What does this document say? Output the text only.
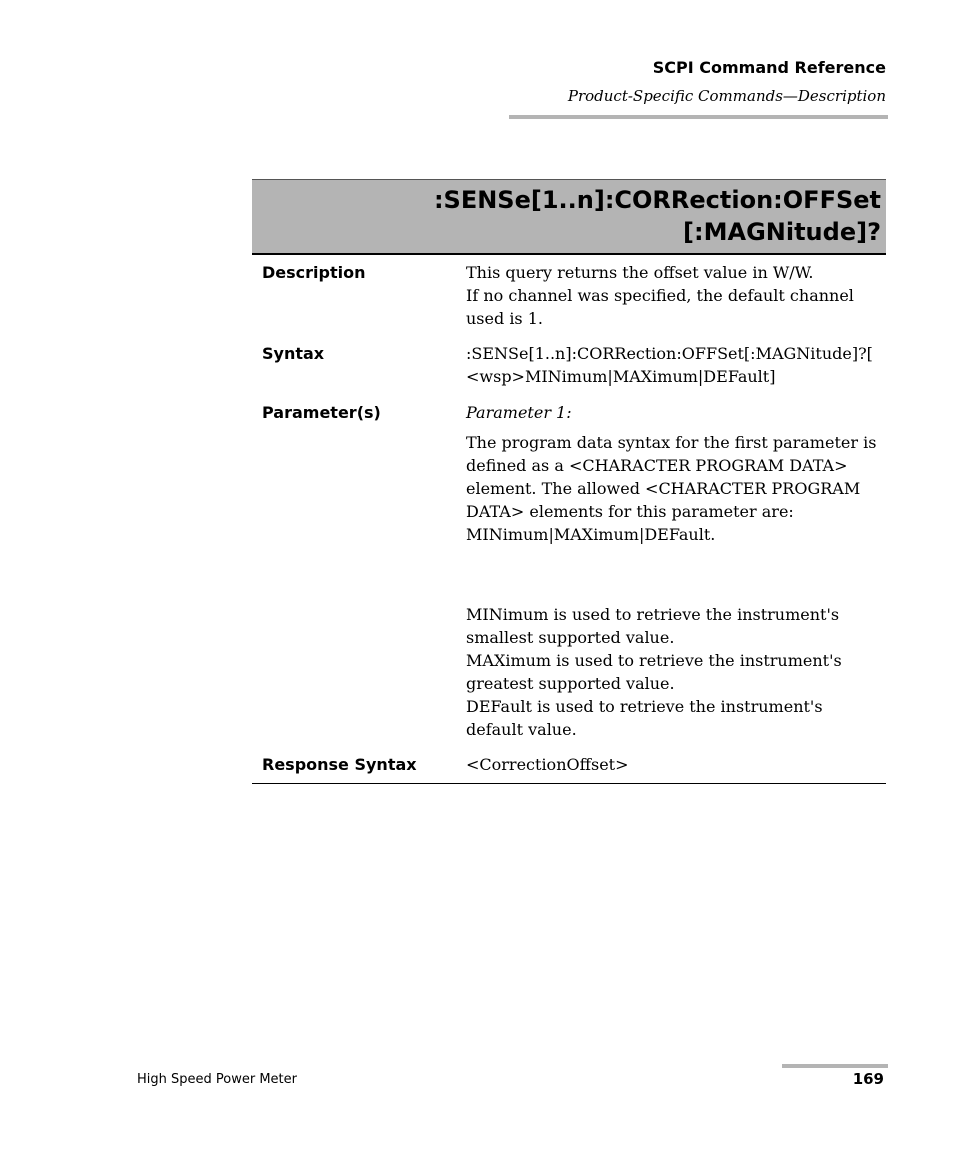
SCPI Command Reference
Product-Specific Commands—Description
:SENSe[1..n]:CORRection:OFFSet
[:MAGNitude]?
Description	This query returns the offset value in W/W.
If no channel was specified, the default channel
used is 1.
Syntax	:SENSe[1..n]:CORRection:OFFSet[:MAGNitude]?[
<wsp>MINimum|MAXimum|DEFault]
Parameter(s)	Parameter 1:
The program data syntax for the first parameter is
defined as a <CHARACTER PROGRAM DATA>
element. The allowed <CHARACTER PROGRAM
DATA> elements for this parameter are:
MINimum|MAXimum|DEFault.
MINimum is used to retrieve the instrument's
smallest supported value.
MAXimum is used to retrieve the instrument's
greatest supported value.
DEFault is used to retrieve the instrument's
default value.
Response Syntax	<CorrectionOffset>
High Speed Power Meter	169
